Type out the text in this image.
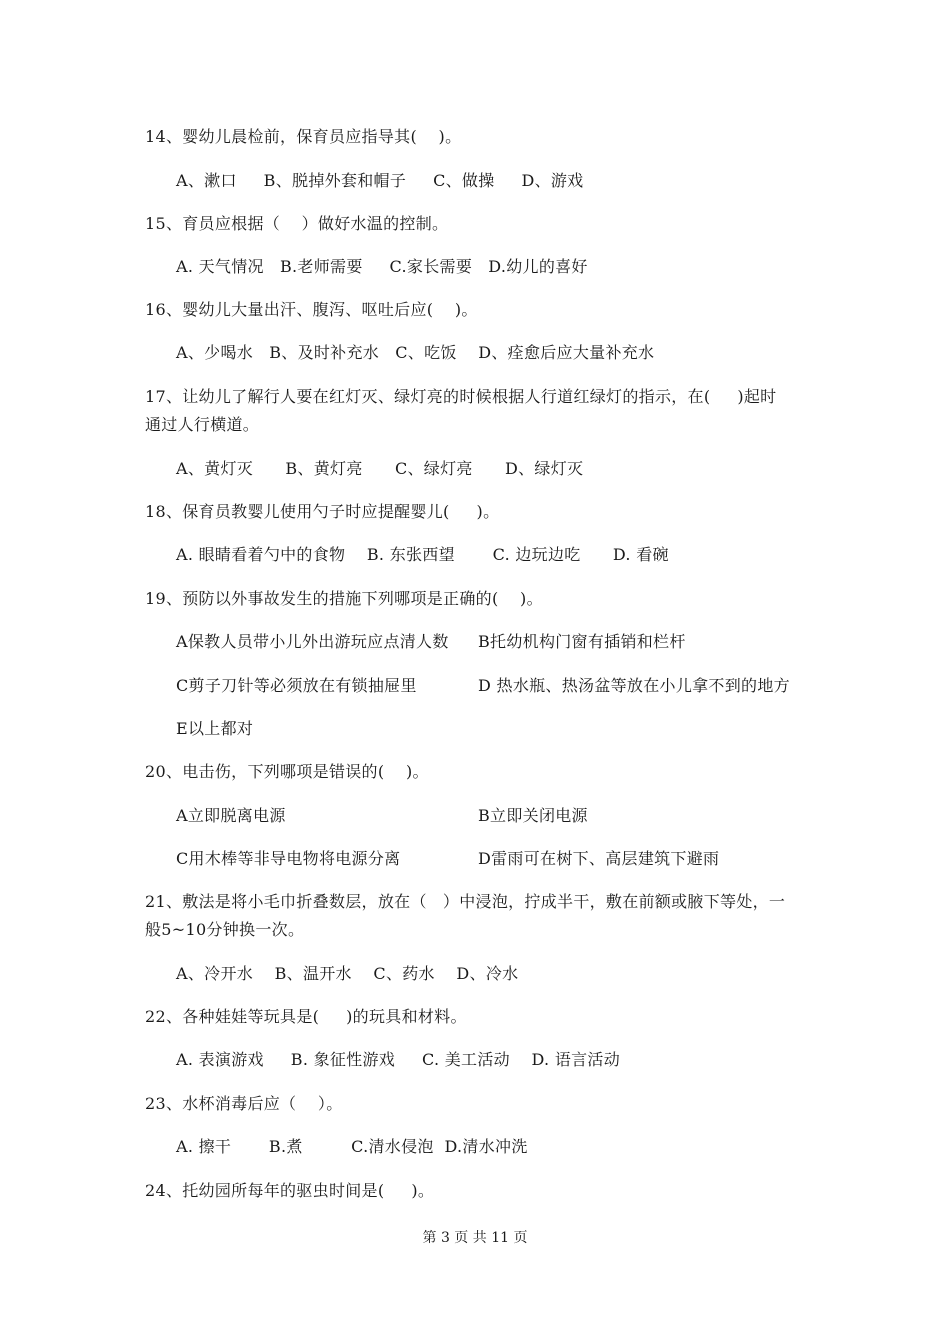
14、婴幼儿晨检前，保育员应指导其(    )。

A、漱口     B、脱掉外套和帽子     C、做操     D、游戏

15、育员应根据（    ）做好水温的控制。

A. 天气情况   B.老师需要     C.家长需要   D.幼儿的喜好

16、婴幼儿大量出汗、腹泻、呕吐后应(    )。

A、少喝水   B、及时补充水   C、吃饭    D、痊愈后应大量补充水

17、让幼儿了解行人要在红灯灭、绿灯亮的时候根据人行道红绿灯的指示，在(     )起时

通过人行横道。

A、黄灯灭      B、黄灯亮      C、绿灯亮      D、绿灯灭

18、保育员教婴儿使用勺子时应提醒婴儿(     )。

A. 眼睛看着勺中的食物    B. 东张西望       C. 边玩边吃      D. 看碗

19、预防以外事故发生的措施下列哪项是正确的(    )。

A保教人员带小儿外出游玩应点清人数 B托幼机构门窗有插销和栏杆

C剪子刀针等必须放在有锁抽屉里	D 热水瓶、热汤盆等放在小儿拿不到的地方

E以上都对

20、电击伤，下列哪项是错误的(    )。

A立即脱离电源	B立即关闭电源

C用木棒等非导电物将电源分离	D雷雨可在树下、高层建筑下避雨

21、敷法是将小毛巾折叠数层，放在（   ）中浸泡，拧成半干，敷在前额或腋下等处，一

般5~10分钟换一次。

A、冷开水    B、温开水    C、药水    D、冷水

22、各种娃娃等玩具是(     )的玩具和材料。

A. 表演游戏     B. 象征性游戏     C. 美工活动    D. 语言活动

23、水杯消毒后应（    ）。

A. 擦干       B.煮         C.清水侵泡  D.清水冲洗

24、托幼园所每年的驱虫时间是(     )。

第 3 页 共 11 页
